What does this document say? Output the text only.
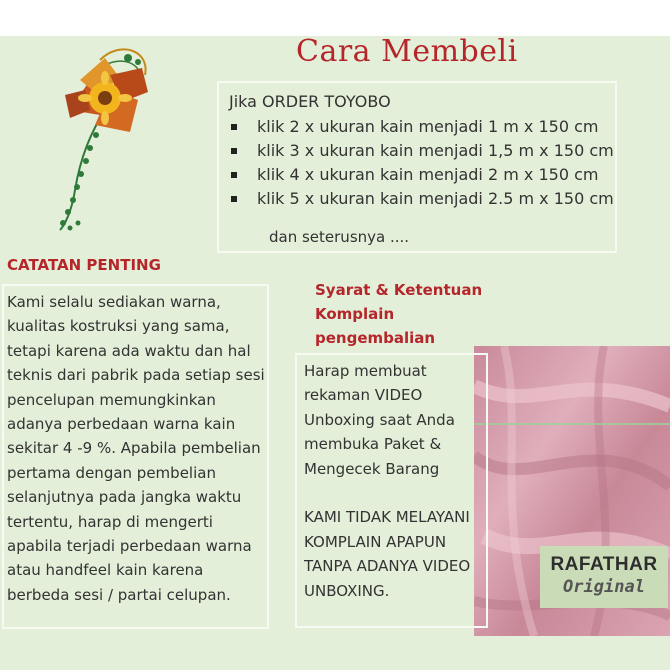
Cara Membeli
Jika ORDER TOYOBO
klik 2 x ukuran kain menjadi 1 m x 150 cm
klik 3 x ukuran kain menjadi 1,5 m x 150 cm
klik 4 x ukuran kain menjadi 2 m x 150 cm
klik 5 x ukuran kain menjadi 2.5 m x 150 cm
dan seterusnya ....
CATATAN PENTING
Kami selalu sediakan warna, kualitas kostruksi yang sama, tetapi karena ada waktu dan hal teknis dari pabrik pada setiap sesi pencelupan memungkinkan adanya perbedaan warna kain sekitar 4 -9 %. Apabila pembelian pertama dengan pembelian selanjutnya pada jangka waktu tertentu, harap di mengerti apabila terjadi perbedaan warna atau handfeel kain karena berbeda sesi / partai celupan.
Syarat & Ketentuan Komplain pengembalian

Harap membuat rekaman VIDEO Unboxing saat Anda membuka Paket & Mengecek Barang

KAMI TIDAK MELAYANI KOMPLAIN APAPUN TANPA ADANYA VIDEO UNBOXING.

RAFATHAR
Original
